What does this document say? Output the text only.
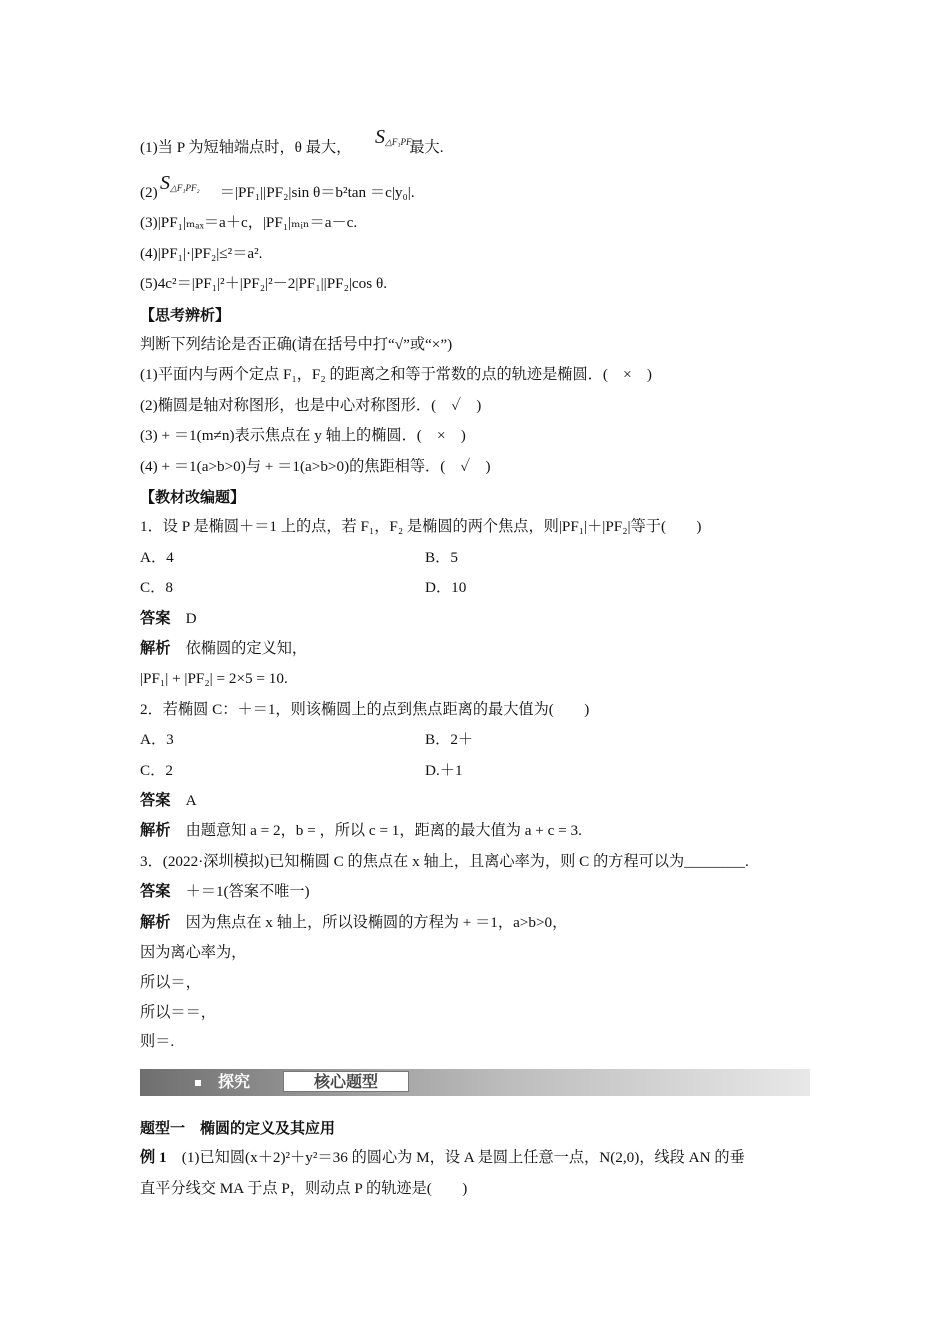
(1)当 P 为短轴端点时，θ 最大，	最大.
$S_{\triangle F_1PF_2}$
(2)	＝|PF₁||PF₂|sin θ＝b²tan ＝c|y₀|.
$S_{\triangle F_1PF_2}$
(3)|PF₁|ₘₐₓ＝a＋c，|PF₁|ₘᵢₙ＝a－c.
(4)|PF₁|·|PF₂|≤²＝a².
(5)4c²＝|PF₁|²＋|PF₂|²－2|PF₁||PF₂|cos θ.
【思考辨析】
判断下列结论是否正确(请在括号中打“√”或“×”)
(1)平面内与两个定点 F₁，F₂ 的距离之和等于常数的点的轨迹是椭圆．(　×　)
(2)椭圆是轴对称图形，也是中心对称图形．(　✓　)
(3) + ＝1(m≠n)表示焦点在 y 轴上的椭圆．(　×　)
(4) + ＝1(a>b>0)与 + ＝1(a>b>0)的焦距相等．(　✓　)
【教材改编题】
1．设 P 是椭圆＋＝1 上的点，若 F₁，F₂ 是椭圆的两个焦点，则|PF₁|＋|PF₂|等于(　　)
A．4	B．5
C．8	D．10
答案　 D
解析　 依椭圆的定义知，
|PF₁| + |PF₂| = 2×5 = 10.
2．若椭圆 C：＋＝1，则该椭圆上的点到焦点距离的最大值为(　　)
A．3	B．2＋
C．2	D.＋1
答案　 A
解析　 由题意知 a = 2，b = ，所以 c = 1，距离的最大值为 a + c = 3.
3．(2022·深圳模拟)已知椭圆 C 的焦点在 x 轴上，且离心率为，则 C 的方程可以为________.
答案　 ＋＝1(答案不唯一)
解析　 因为焦点在 x 轴上，所以设椭圆的方程为 + ＝1，a>b>0，
因为离心率为，
所以＝，
所以＝＝，
则＝.
探究	核心题型
题型一　椭圆的定义及其应用
例 1　 (1)已知圆(x＋2)²＋y²＝36 的圆心为 M，设 A 是圆上任意一点，N(2,0)，线段 AN 的垂
直平分线交 MA 于点 P，则动点 P 的轨迹是(　　)
